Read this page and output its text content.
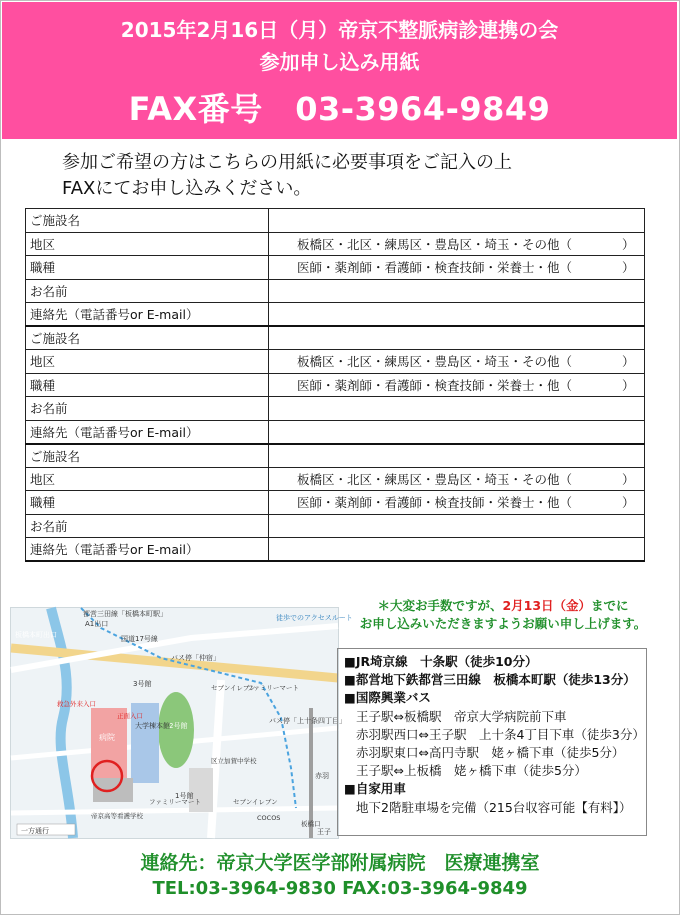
2015年2月16日（月）帝京不整脈病診連携の会
参加申し込み用紙
FAX番号　03-3964-9849
参加ご希望の方はこちらの用紙に必要事項をご記入の上
FAXにてお申し込みください。
ご施設名	
地区	板橋区・北区・練馬区・豊島区・埼玉・その他（　　　　）
職種	医師・薬剤師・看護師・検査技師・栄養士・他（　　　　）
お名前	
連絡先（電話番号or E-mail）	
ご施設名	
地区	板橋区・北区・練馬区・豊島区・埼玉・その他（　　　　）
職種	医師・薬剤師・看護師・検査技師・栄養士・他（　　　　）
お名前	
連絡先（電話番号or E-mail）	
ご施設名	
地区	板橋区・北区・練馬区・豊島区・埼玉・その他（　　　　）
職種	医師・薬剤師・看護師・検査技師・栄養士・他（　　　　）
お名前	
連絡先（電話番号or E-mail）	
都営三田線「板橋本町駅」
A1出口
板橋本町出口	国道17号線
バス停「仲宿」
徒歩でのアクセスルート
セブンイレブン
ファミリーマート
バス停「上十条四丁目」
病院
大学棟本館 2号館
3号館
1号館
救急外来入口
正面入口
区立加賀中学校
帝京高等看護学校
ファミリーマート	セブンイレブン
COCOS
板橋口
赤羽
王子
一方通行
＊大変お手数ですが、2月13日（金）までに
お申し込みいただきますようお願い申し上げます。
■ JR埼京線　十条駅（徒歩10分）
■ 都営地下鉄都営三田線　板橋本町駅（徒歩13分）
■ 国際興業バス
王子駅⇔板橋駅　帝京大学病院前下車
赤羽駅西口⇔王子駅　上十条4丁目下車（徒歩3分）
赤羽駅東口⇔高円寺駅　姥ヶ橋下車（徒歩5分）
王子駅⇔上板橋　姥ヶ橋下車（徒歩5分）
■ 自家用車
地下2階駐車場を完備（215台収容可能【有料】）
連絡先：帝京大学医学部附属病院　医療連携室
TEL:03-3964-9830 FAX:03-3964-9849
